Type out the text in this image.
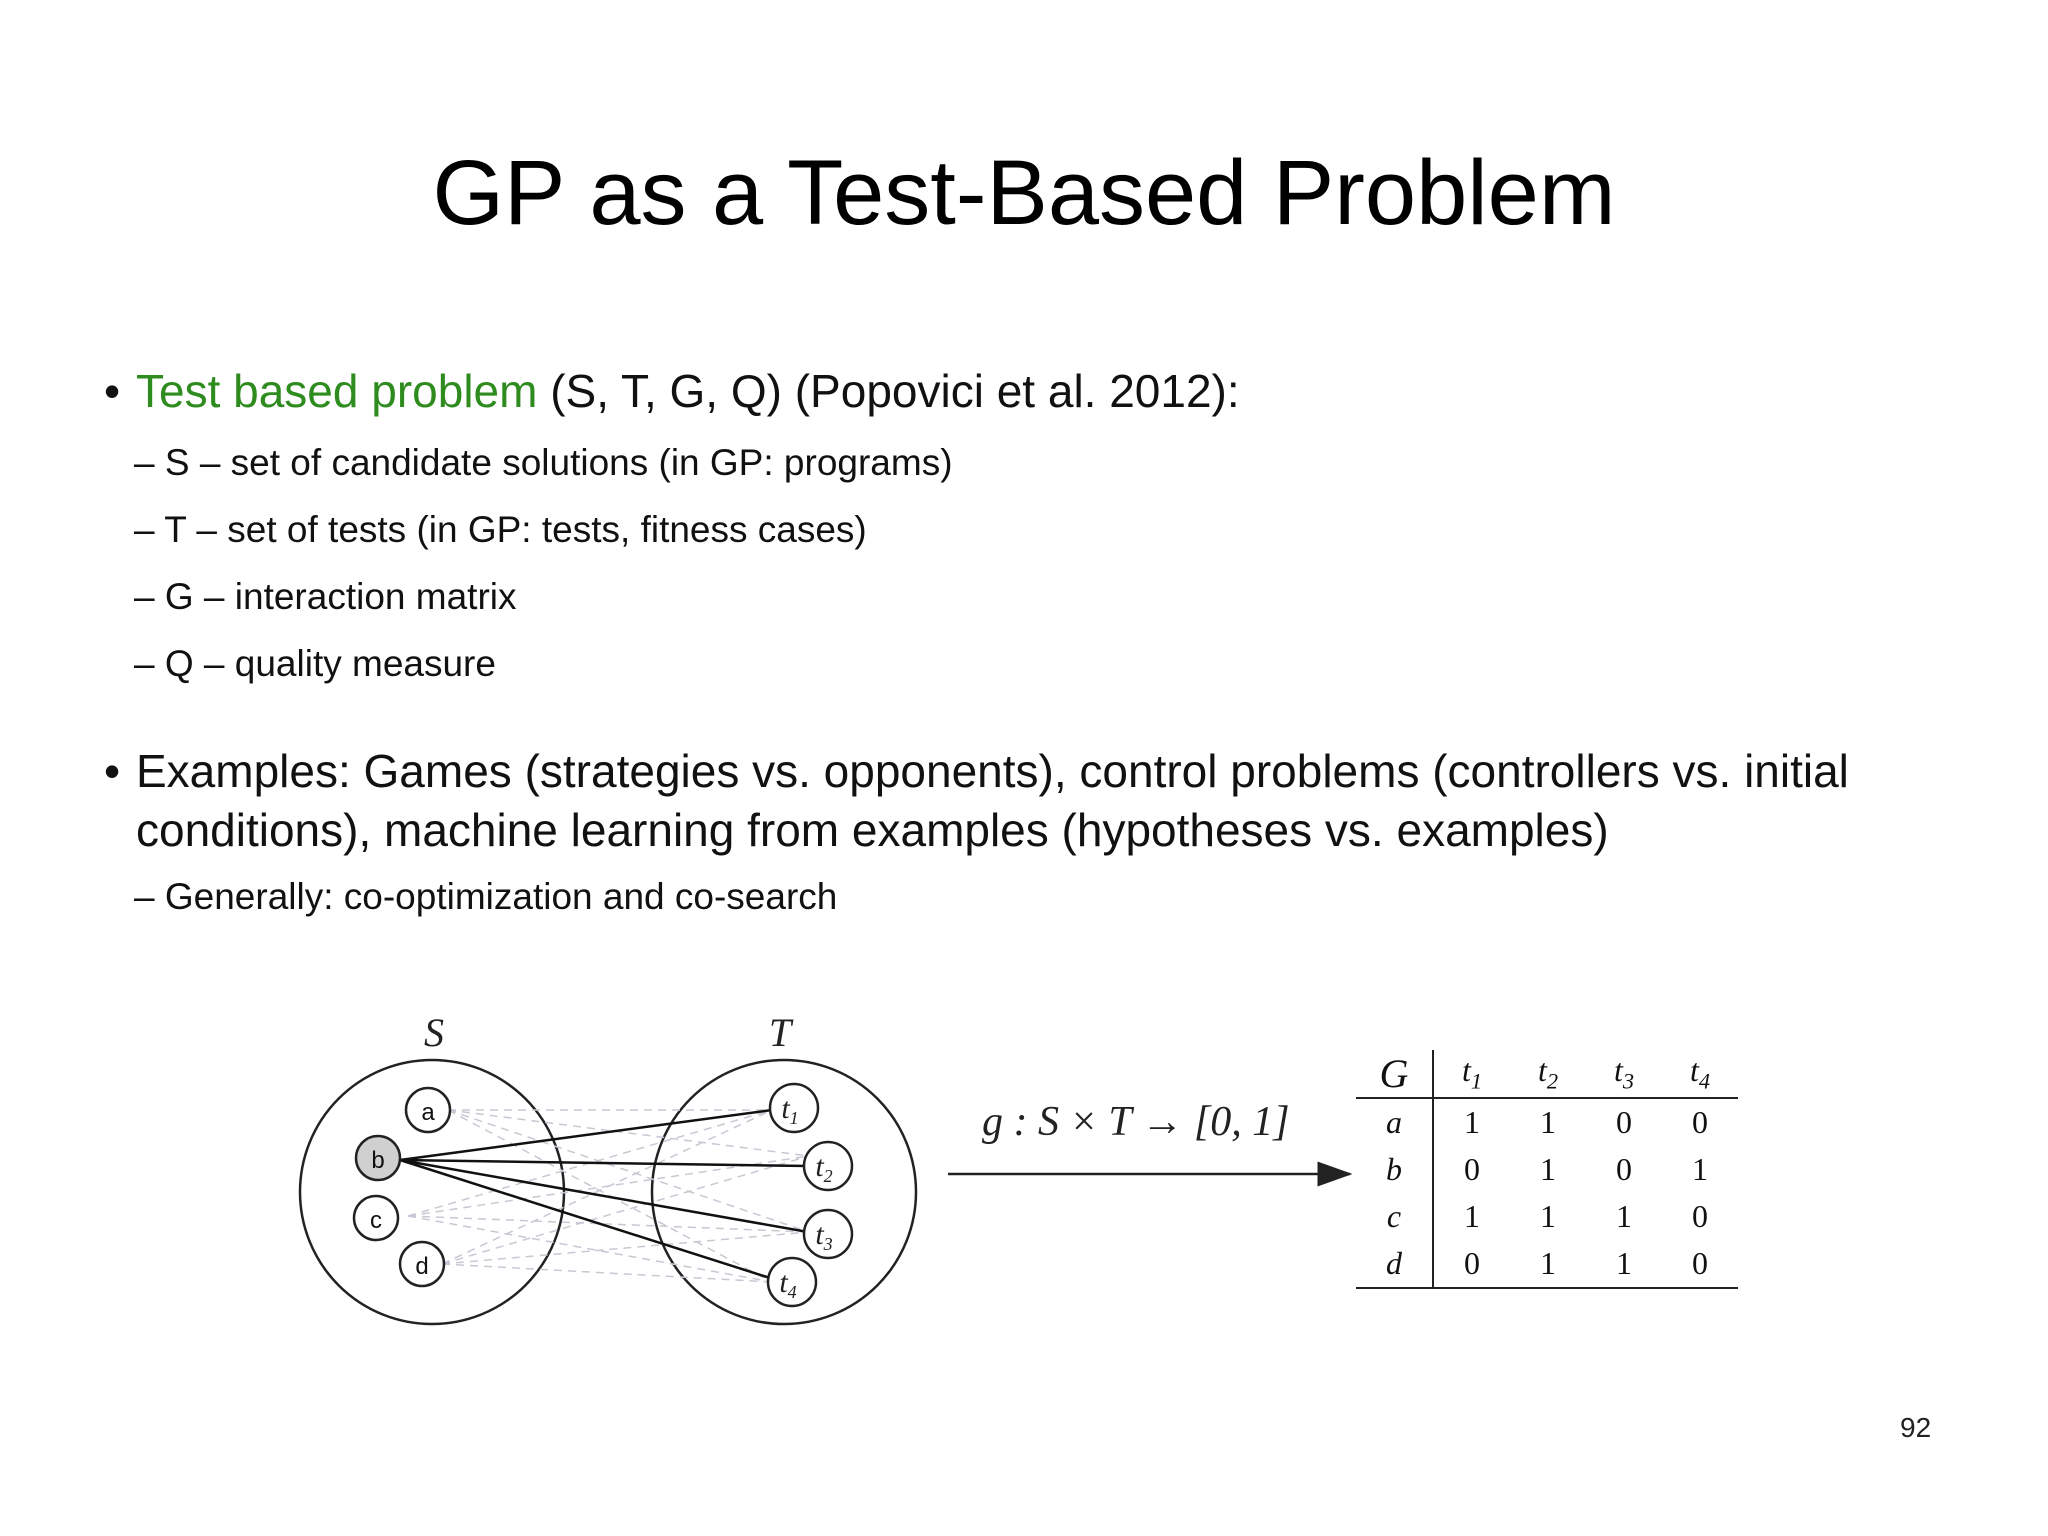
GP as a Test-Based Problem
• Test based problem (S, T, G, Q) (Popovici et al. 2012):
– S – set of candidate solutions (in GP: programs)
– T – set of tests (in GP: tests, fitness cases)
– G – interaction matrix
– Q – quality measure
• Examples: Games (strategies vs. opponents), control problems (controllers vs. initial
conditions), machine learning from examples (hypotheses vs. examples)
– Generally: co-optimization and co-search
S	T
a
b
c
d
$t_1$
$t_2$
$t_3$
$t_4$
g : S × T → [0, 1]
G	$t_1$	$t_2$	$t_3$	$t_4$
a	1	1	0	0
b	0	1	0	1
c	1	1	1	0
d	0	1	1	0
92
